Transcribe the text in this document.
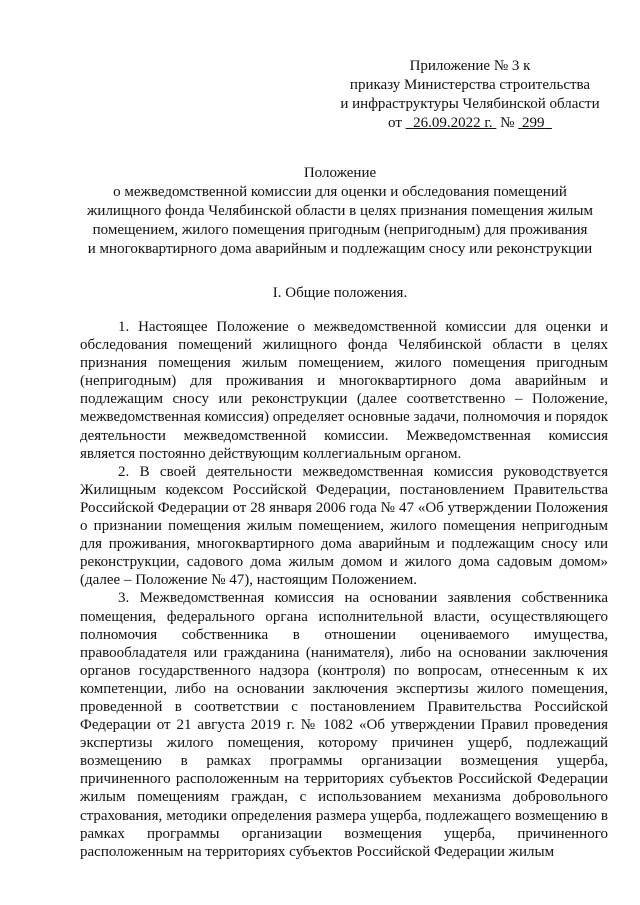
Приложение № 3 к
приказу Министерства строительства
и инфраструктуры Челябинской области
от 26.09.2022 г. № 299
Положение
о межведомственной комиссии для оценки и обследования помещений
жилищного фонда Челябинской области в целях признания помещения жилым
помещением, жилого помещения пригодным (непригодным) для проживания
и многоквартирного дома аварийным и подлежащим сносу или реконструкции
I. Общие положения.

1. Настоящее Положение о межведомственной комиссии для оценки и обследования помещений жилищного фонда Челябинской области в целях признания помещения жилым помещением, жилого помещения пригодным (непригодным) для проживания и многоквартирного дома аварийным и подлежащим сносу или реконструкции (далее соответственно – Положение, межведомственная комиссия) определяет основные задачи, полномочия и порядок деятельности межведомственной комиссии. Межведомственная комиссия является постоянно действующим коллегиальным органом.

2. В своей деятельности межведомственная комиссия руководствуется Жилищным кодексом Российской Федерации, постановлением Правительства Российской Федерации от 28 января 2006 года № 47 «Об утверждении Положения о признании помещения жилым помещением, жилого помещения непригодным для проживания, многоквартирного дома аварийным и подлежащим сносу или реконструкции, садового дома жилым домом и жилого дома садовым домом» (далее – Положение № 47), настоящим Положением.

3. Межведомственная комиссия на основании заявления собственника помещения, федерального органа исполнительной власти, осуществляющего полномочия собственника в отношении оцениваемого имущества, правообладателя или гражданина (нанимателя), либо на основании заключения органов государственного надзора (контроля) по вопросам, отнесенным к их компетенции, либо на основании заключения экспертизы жилого помещения, проведенной в соответствии с постановлением Правительства Российской Федерации от 21 августа 2019 г. № 1082 «Об утверждении Правил проведения экспертизы жилого помещения, которому причинен ущерб, подлежащий возмещению в рамках программы организации возмещения ущерба, причиненного расположенным на территориях субъектов Российской Федерации жилым помещениям граждан, с использованием механизма добровольного страхования, методики определения размера ущерба, подлежащего возмещению в рамках программы организации возмещения ущерба, причиненного расположенным на территориях субъектов Российской Федерации жилым
